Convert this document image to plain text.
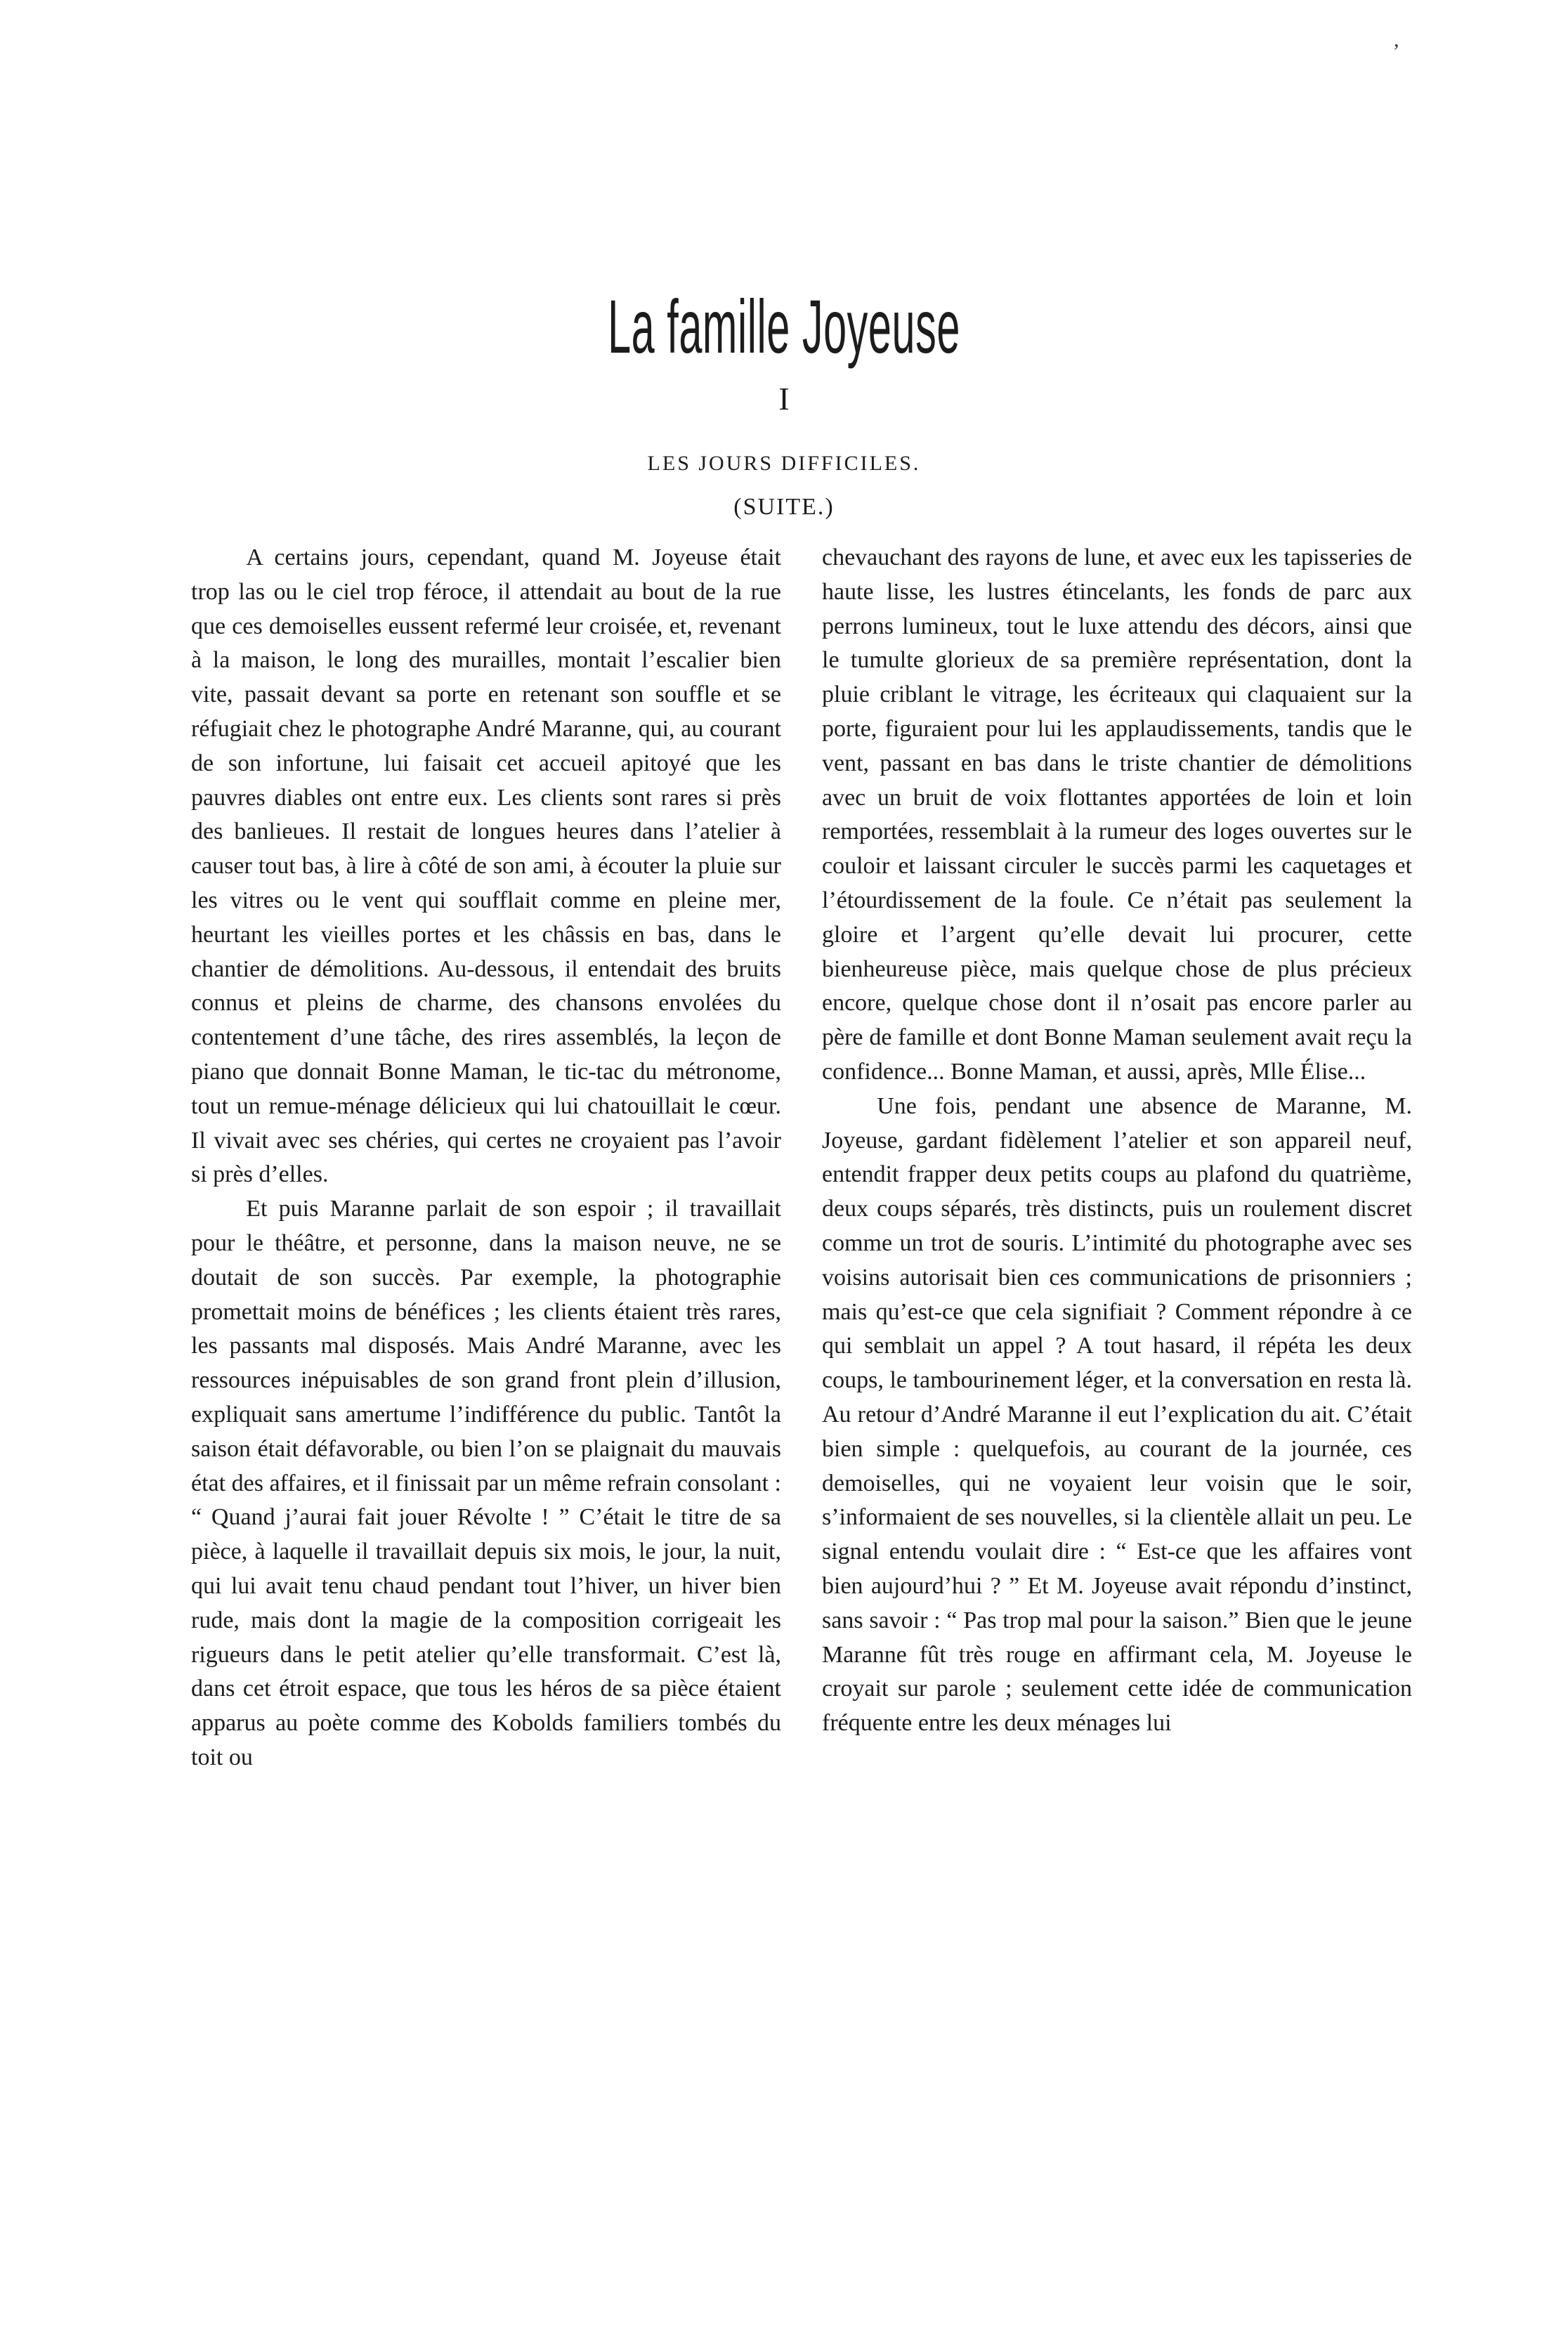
,
La famille Joyeuse
I
LES JOURS DIFFICILES.
(SUITE.)

A certains jours, cependant, quand M. Joyeuse était trop las ou le ciel trop féroce, il attendait au bout de la rue que ces demoiselles eussent refermé leur croisée, et, revenant à la maison, le long des murailles, montait l’escalier bien vite, passait devant sa porte en retenant son souffle et se réfugiait chez le photographe André Maranne, qui, au courant de son infortune, lui faisait cet accueil apitoyé que les pauvres diables ont entre eux. Les clients sont rares si près des banlieues. Il restait de longues heures dans l’atelier à causer tout bas, à lire à côté de son ami, à écouter la pluie sur les vitres ou le vent qui soufflait comme en pleine mer, heurtant les vieilles portes et les châssis en bas, dans le chantier de démolitions. Au-dessous, il entendait des bruits connus et pleins de charme, des chansons envolées du contentement d’une tâche, des rires assemblés, la leçon de piano que donnait Bonne Maman, le tic-tac du métronome, tout un remue-ménage délicieux qui lui chatouillait le cœur. Il vivait avec ses chéries, qui certes ne croyaient pas l’avoir si près d’elles.

Et puis Maranne parlait de son espoir ; il travaillait pour le théâtre, et personne, dans la maison neuve, ne se doutait de son succès. Par exemple, la photographie promettait moins de bénéfices ; les clients étaient très rares, les passants mal disposés. Mais André Maranne, avec les ressources inépuisables de son grand front plein d’illusion, expliquait sans amertume l’indifférence du public. Tantôt la saison était défavorable, ou bien l’on se plaignait du mauvais état des affaires, et il finissait par un même refrain consolant : “ Quand j’aurai fait jouer Révolte ! ” C’était le titre de sa pièce, à laquelle il travaillait depuis six mois, le jour, la nuit, qui lui avait tenu chaud pendant tout l’hiver, un hiver bien rude, mais dont la magie de la composition corrigeait les rigueurs dans le petit atelier qu’elle transformait. C’est là, dans cet étroit espace, que tous les héros de sa pièce étaient apparus au poète comme des Kobolds familiers tombés du toit ou

chevauchant des rayons de lune, et avec eux les tapisseries de haute lisse, les lustres étincelants, les fonds de parc aux perrons lumineux, tout le luxe attendu des décors, ainsi que le tumulte glorieux de sa première représentation, dont la pluie criblant le vitrage, les écriteaux qui claquaient sur la porte, figuraient pour lui les applaudissements, tandis que le vent, passant en bas dans le triste chantier de démolitions avec un bruit de voix flottantes apportées de loin et loin remportées, ressemblait à la rumeur des loges ouvertes sur le couloir et laissant circuler le succès parmi les caquetages et l’étourdissement de la foule. Ce n’était pas seulement la gloire et l’argent qu’elle devait lui procurer, cette bienheureuse pièce, mais quelque chose de plus précieux encore, quelque chose dont il n’osait pas encore parler au père de famille et dont Bonne Maman seulement avait reçu la confidence... Bonne Maman, et aussi, après, Mlle Élise...

Une fois, pendant une absence de Maranne, M. Joyeuse, gardant fidèlement l’atelier et son appareil neuf, entendit frapper deux petits coups au plafond du quatrième, deux coups séparés, très distincts, puis un roulement discret comme un trot de souris. L’intimité du photographe avec ses voisins autorisait bien ces communications de prisonniers ; mais qu’est-ce que cela signifiait ? Comment répondre à ce qui semblait un appel ? A tout hasard, il répéta les deux coups, le tambourinement léger, et la conversation en resta là. Au retour d’André Maranne il eut l’explication du ait. C’était bien simple : quelquefois, au courant de la journée, ces demoiselles, qui ne voyaient leur voisin que le soir, s’informaient de ses nouvelles, si la clientèle allait un peu. Le signal entendu voulait dire : “ Est-ce que les affaires vont bien aujourd’hui ? ” Et M. Joyeuse avait répondu d’instinct, sans savoir : “ Pas trop mal pour la saison.” Bien que le jeune Maranne fût très rouge en affirmant cela, M. Joyeuse le croyait sur parole ; seulement cette idée de communication fréquente entre les deux ménages lui
